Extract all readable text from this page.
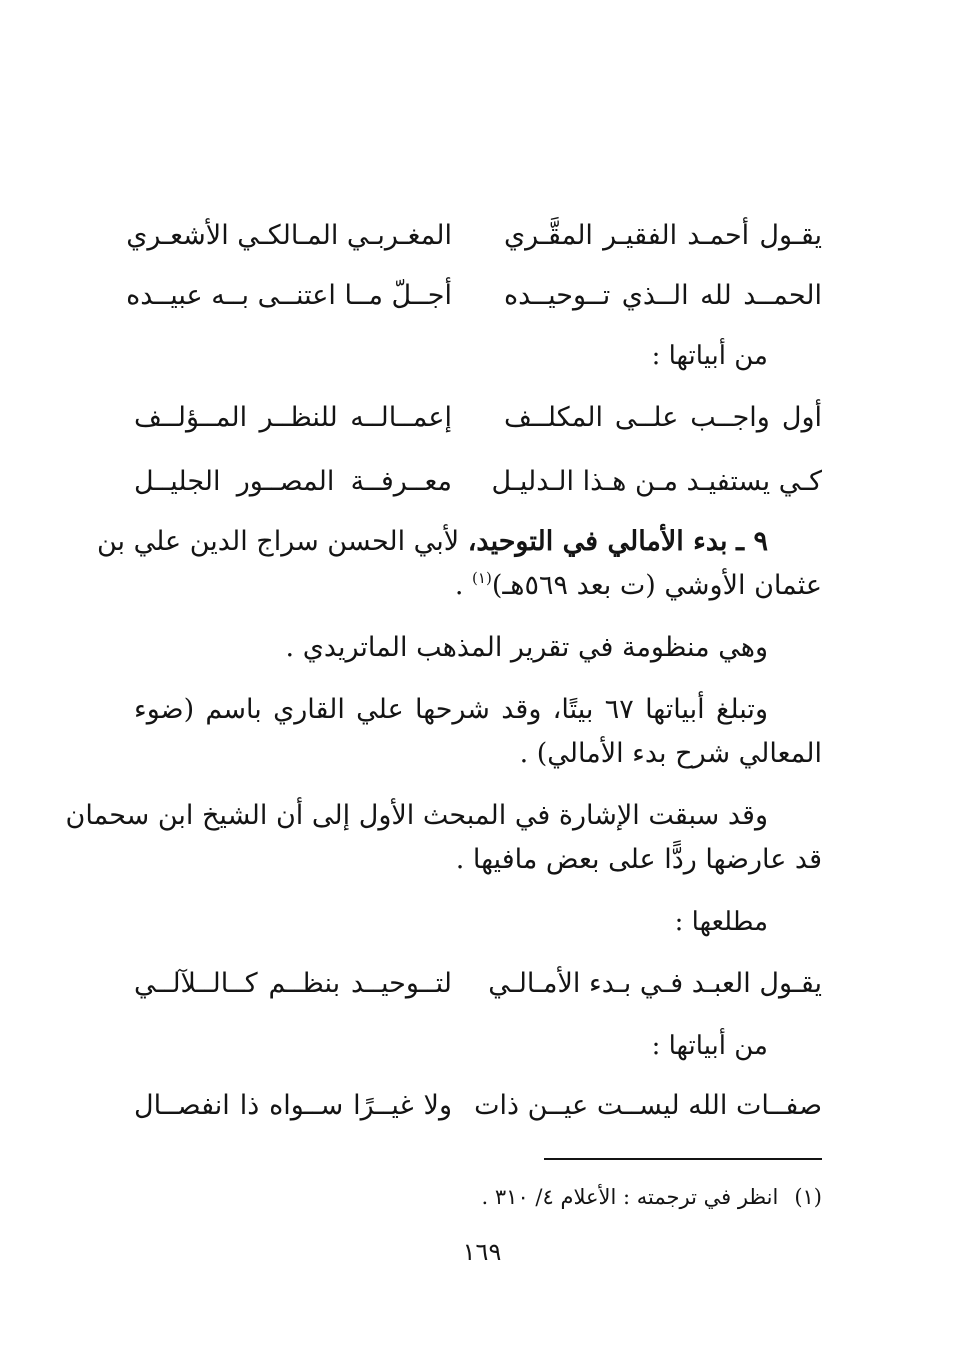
يقـول أحمـد الفقيـر المقَّـري
المغـربـي المـالكـي الأشعـري
الحمــد لله الــذي تــوحيــده
أجــلّ مــا اعتنــى بــه عبيــده
من أبياتها :
أول واجــب علــى المكلــف
إعمــالــه للنظــر المــؤلــف
كـي يستفيـد مـن هـذا الـدليـل
معــرفــة المصــور الجليــل
٩ ـ بدء الأمالي في التوحيد، لأبي الحسن سراج الدين علي بن
عثمان الأوشي (ت بعد ٥٦٩هـ)$^{(١)}$ .
وهي منظومة في تقرير المذهب الماتريدي .
وتبلغ أبياتها ٦٧ بيتًا، وقد شرحها علي القاري باسم (ضوء
المعالي شرح بدء الأمالي) .
وقد سبقت الإشارة في المبحث الأول إلى أن الشيخ ابن سحمان
قد عارضها ردًّا على بعض مافيها .
مطلعها :
يقـول العبـد فـي بـدء الأمـالـي
لتــوحيــد بنظــم كــالــلآلــي
من أبياتها :
صفــات الله ليســت عيــن ذات
ولا غيــرًا ســواه ذا انفصــال
(١)انظر في ترجمته : الأعلام ٤/ ٣١٠ .
١٦٩
